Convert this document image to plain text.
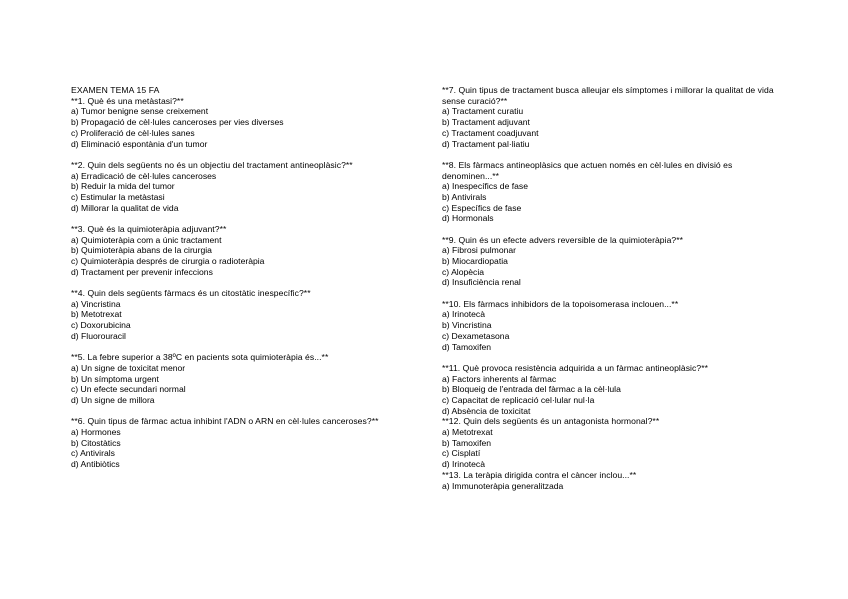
EXAMEN TEMA 15 FA
**1. Què és una metàstasi?**
a) Tumor benigne sense creixement
b) Propagació de cèl·lules canceroses per vies diverses
c) Proliferació de cèl·lules sanes
d) Eliminació espontània d'un tumor
**2. Quin dels següents no és un objectiu del tractament antineoplàsic?**
a) Erradicació de cèl·lules canceroses
b) Reduir la mida del tumor
c) Estimular la metàstasi
d) Millorar la qualitat de vida
**3. Què és la quimioteràpia adjuvant?**
a) Quimioteràpia com a únic tractament
b) Quimioteràpia abans de la cirurgia
c) Quimioteràpia després de cirurgia o radioteràpia
d) Tractament per prevenir infeccions
**4. Quin dels següents fàrmacs és un citostàtic inespecífic?**
a) Vincristina
b) Metotrexat
c) Doxorubicina
d) Fluorouracil
**5. La febre superior a 38ºC en pacients sota quimioteràpia és...**
a) Un signe de toxicitat menor
b) Un símptoma urgent
c) Un efecte secundari normal
d) Un signe de millora
**6. Quin tipus de fàrmac actua inhibint l'ADN o ARN en cèl·lules canceroses?**
a) Hormones
b) Citostàtics
c) Antivirals
d) Antibiòtics
**7. Quin tipus de tractament busca alleujar els símptomes i millorar la qualitat de vida sense curació?**
a) Tractament curatiu
b) Tractament adjuvant
c) Tractament coadjuvant
d) Tractament pal·liatiu
**8. Els fàrmacs antineoplàsics que actuen només en cèl·lules en divisió es denominen...**
a) Inespecífics de fase
b) Antivirals
c) Específics de fase
d) Hormonals
**9. Quin és un efecte advers reversible de la quimioteràpia?**
a) Fibrosi pulmonar
b) Miocardiopatia
c) Alopècia
d) Insuficiència renal
**10. Els fàrmacs inhibidors de la topoisomerasa inclouen...**
a) Irinotecà
b) Vincristina
c) Dexametasona
d) Tamoxifen
**11. Què provoca resistència adquirida a un fàrmac antineoplàsic?**
a) Factors inherents al fàrmac
b) Bloqueig de l'entrada del fàrmac a la cèl·lula
c) Capacitat de replicació cel·lular nul·la
d) Absència de toxicitat
**12. Quin dels següents és un antagonista hormonal?**
a) Metotrexat
b) Tamoxifen
c) Cisplatí
d) Irinotecà
**13. La teràpia dirigida contra el càncer inclou...**
a) Immunoteràpia generalitzada
